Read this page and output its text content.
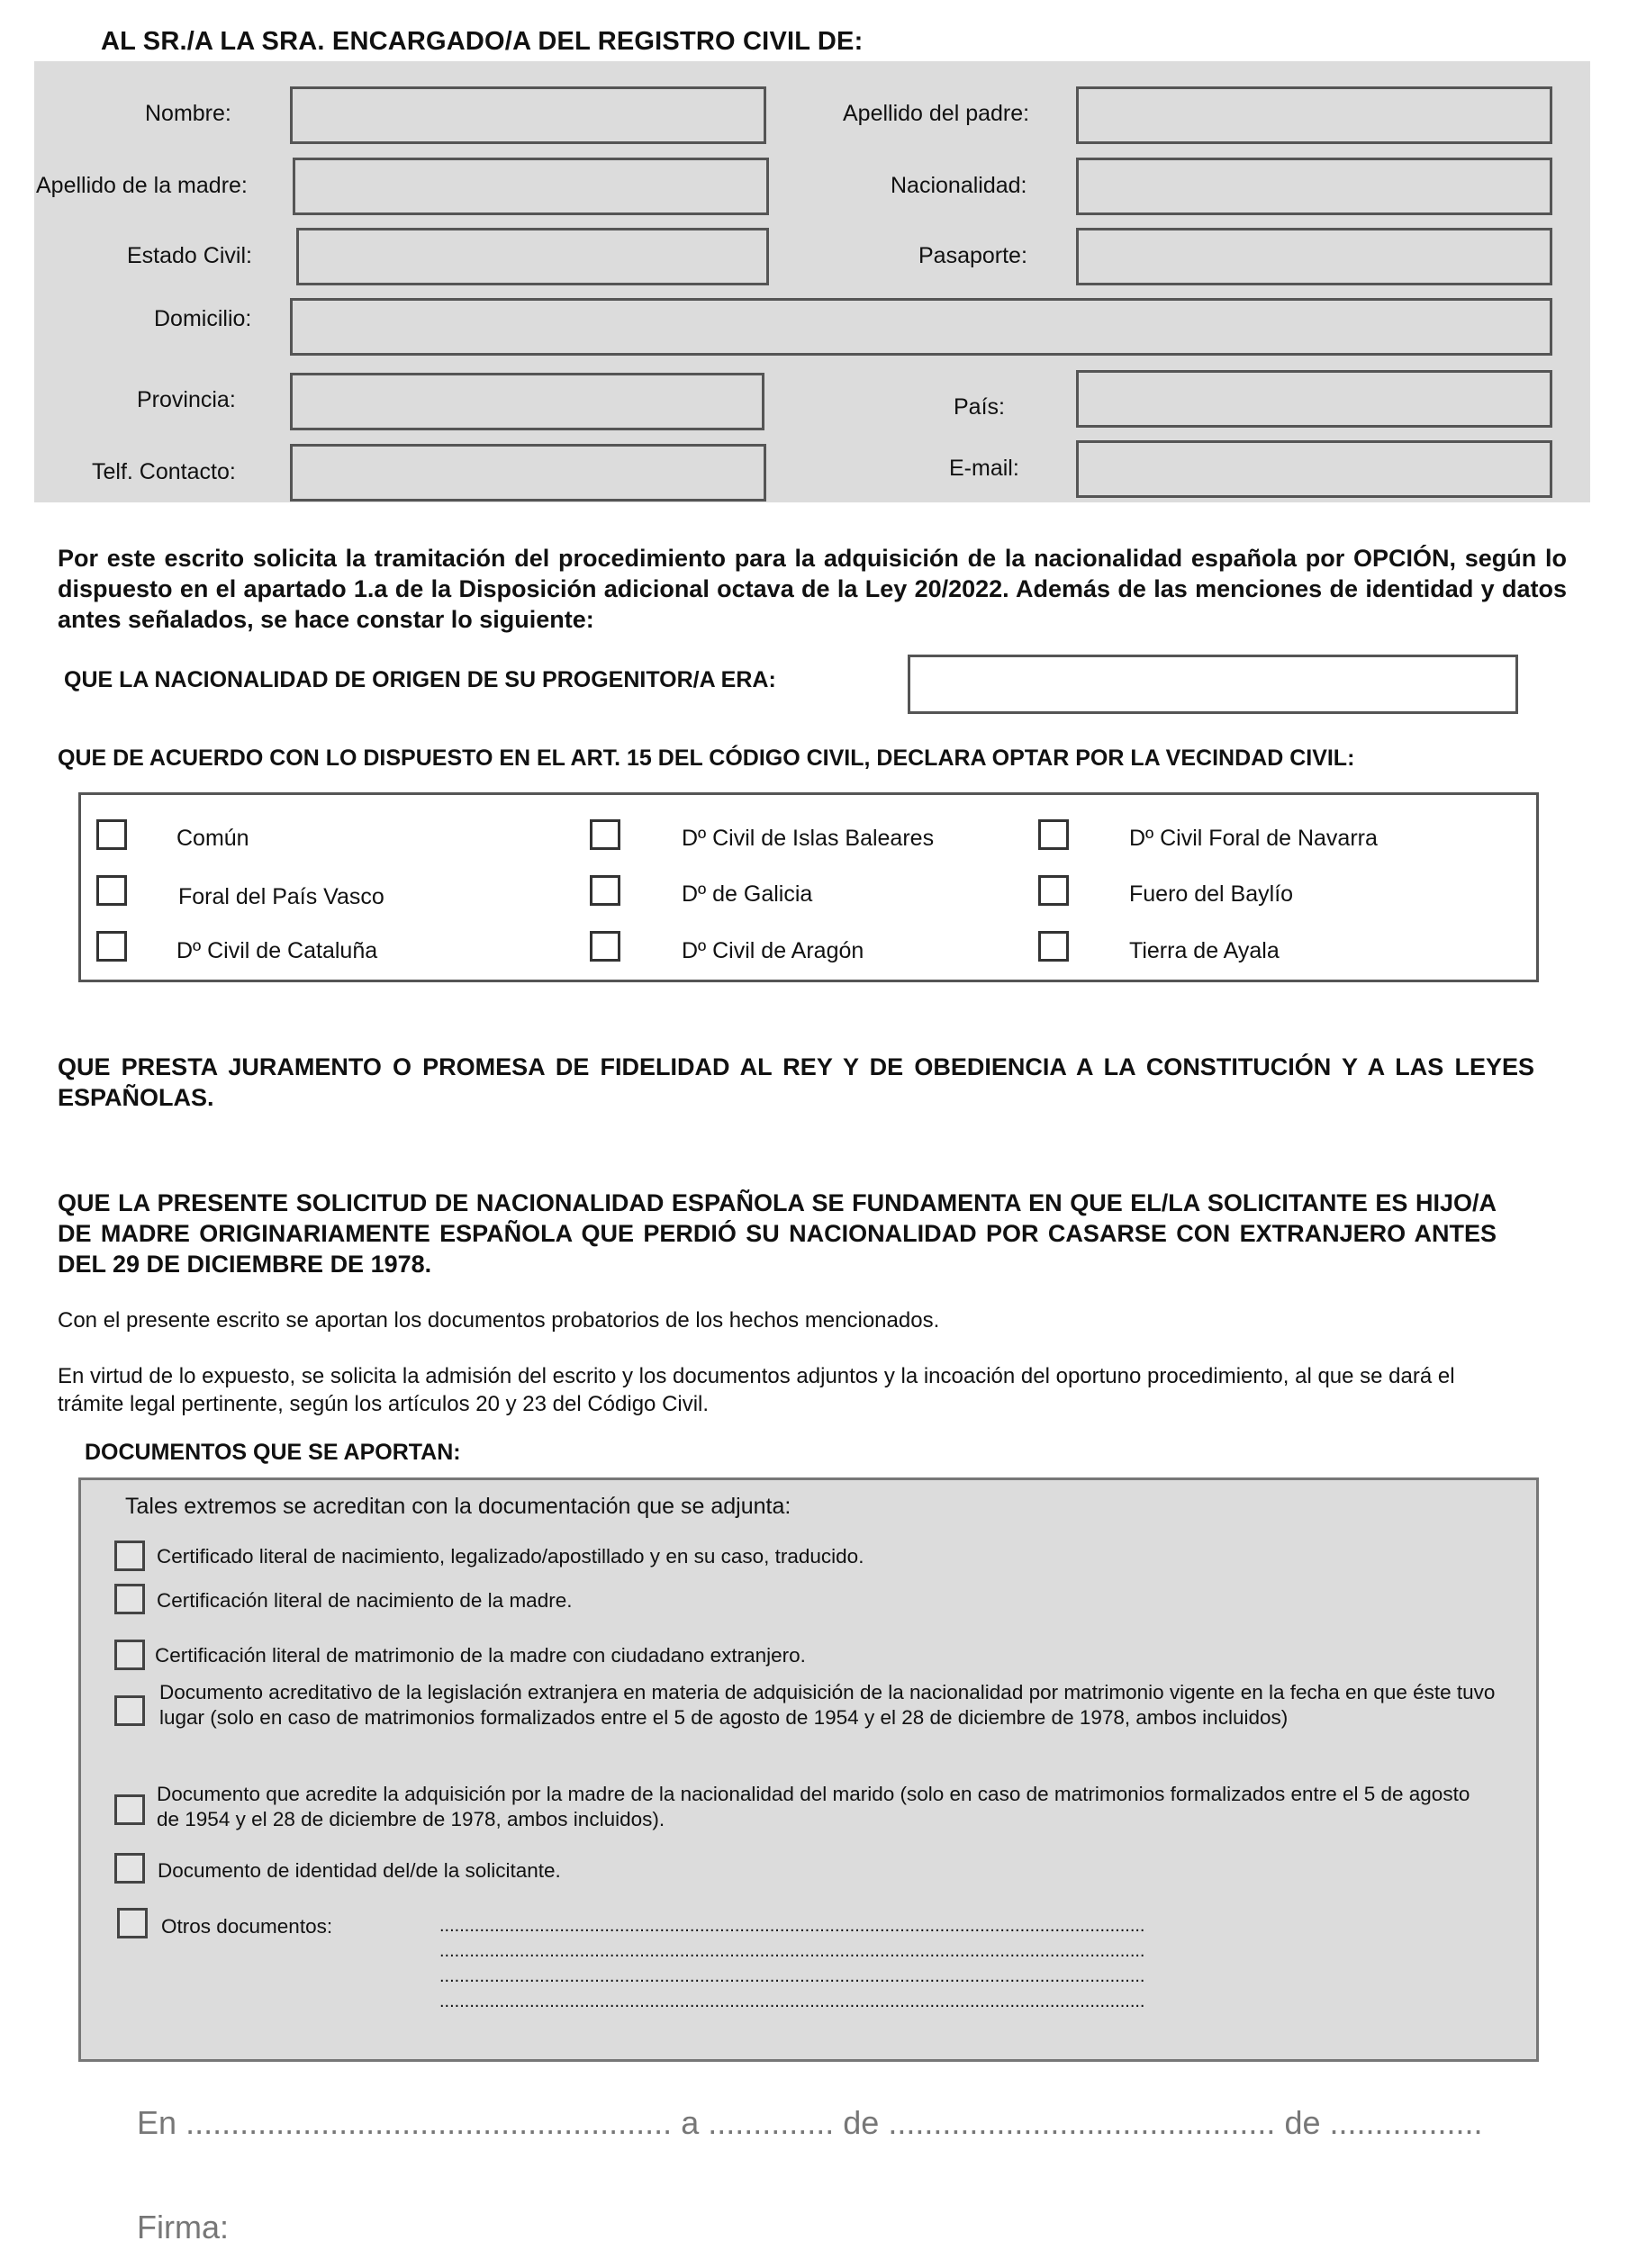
AL SR./A LA SRA. ENCARGADO/A DEL REGISTRO CIVIL DE:
Nombre:	Apellido del padre:
Apellido de la madre:	Nacionalidad:
Estado Civil:	Pasaporte:
Domicilio:
Provincia:	País:
Telf. Contacto:	E-mail:
Por este escrito solicita la tramitación del procedimiento para la adquisición de la nacionalidad española por OPCIÓN, según lo dispuesto en el apartado 1.a de la Disposición adicional octava de la Ley 20/2022. Además de las menciones de identidad y datos antes señalados, se hace constar lo siguiente:
QUE LA NACIONALIDAD DE ORIGEN DE SU PROGENITOR/A ERA:
QUE DE ACUERDO CON LO DISPUESTO EN EL ART. 15 DEL CÓDIGO CIVIL, DECLARA OPTAR POR LA VECINDAD CIVIL:
Común	Dº Civil de Islas Baleares	Dº Civil Foral de Navarra
Foral del País Vasco	Dº de Galicia	Fuero del Baylío
Dº Civil de Cataluña	Dº Civil de Aragón	Tierra de Ayala
QUE PRESTA JURAMENTO O PROMESA DE FIDELIDAD AL REY Y DE OBEDIENCIA A LA CONSTITUCIÓN Y A LAS LEYES ESPAÑOLAS.
QUE LA PRESENTE SOLICITUD DE NACIONALIDAD ESPAÑOLA SE FUNDAMENTA EN QUE EL/LA SOLICITANTE ES HIJO/A DE MADRE ORIGINARIAMENTE ESPAÑOLA QUE PERDIÓ SU NACIONALIDAD POR CASARSE CON EXTRANJERO ANTES DEL 29 DE DICIEMBRE DE 1978.
Con el presente escrito se aportan los documentos probatorios de los hechos mencionados.
En virtud de lo expuesto, se solicita la admisión del escrito y los documentos adjuntos y la incoación del oportuno procedimiento, al que se dará el trámite legal pertinente, según los artículos 20 y 23 del Código Civil.
DOCUMENTOS QUE SE APORTAN:
Tales extremos se acreditan con la documentación que se adjunta:
Certificado literal de nacimiento, legalizado/apostillado y en su caso, traducido.
Certificación literal de nacimiento de la madre.
Certificación literal de matrimonio de la madre con ciudadano extranjero.
Documento acreditativo de la legislación extranjera en materia de adquisición de la nacionalidad por matrimonio vigente en la fecha en que éste tuvo lugar (solo en caso de matrimonios formalizados entre el 5 de agosto de 1954 y el 28 de diciembre de 1978, ambos incluidos)
Documento que acredite la adquisición por la madre de la nacionalidad del marido (solo en caso de matrimonios formalizados entre el 5 de agosto de 1954 y el 28 de diciembre de 1978, ambos incluidos).
Documento de identidad del/de la solicitante.
Otros documentos:	.............................................................................................................................................
.............................................................................................................................................
.............................................................................................................................................
.............................................................................................................................................
En ...................................................... a .............. de ........................................... de .................
Firma:
